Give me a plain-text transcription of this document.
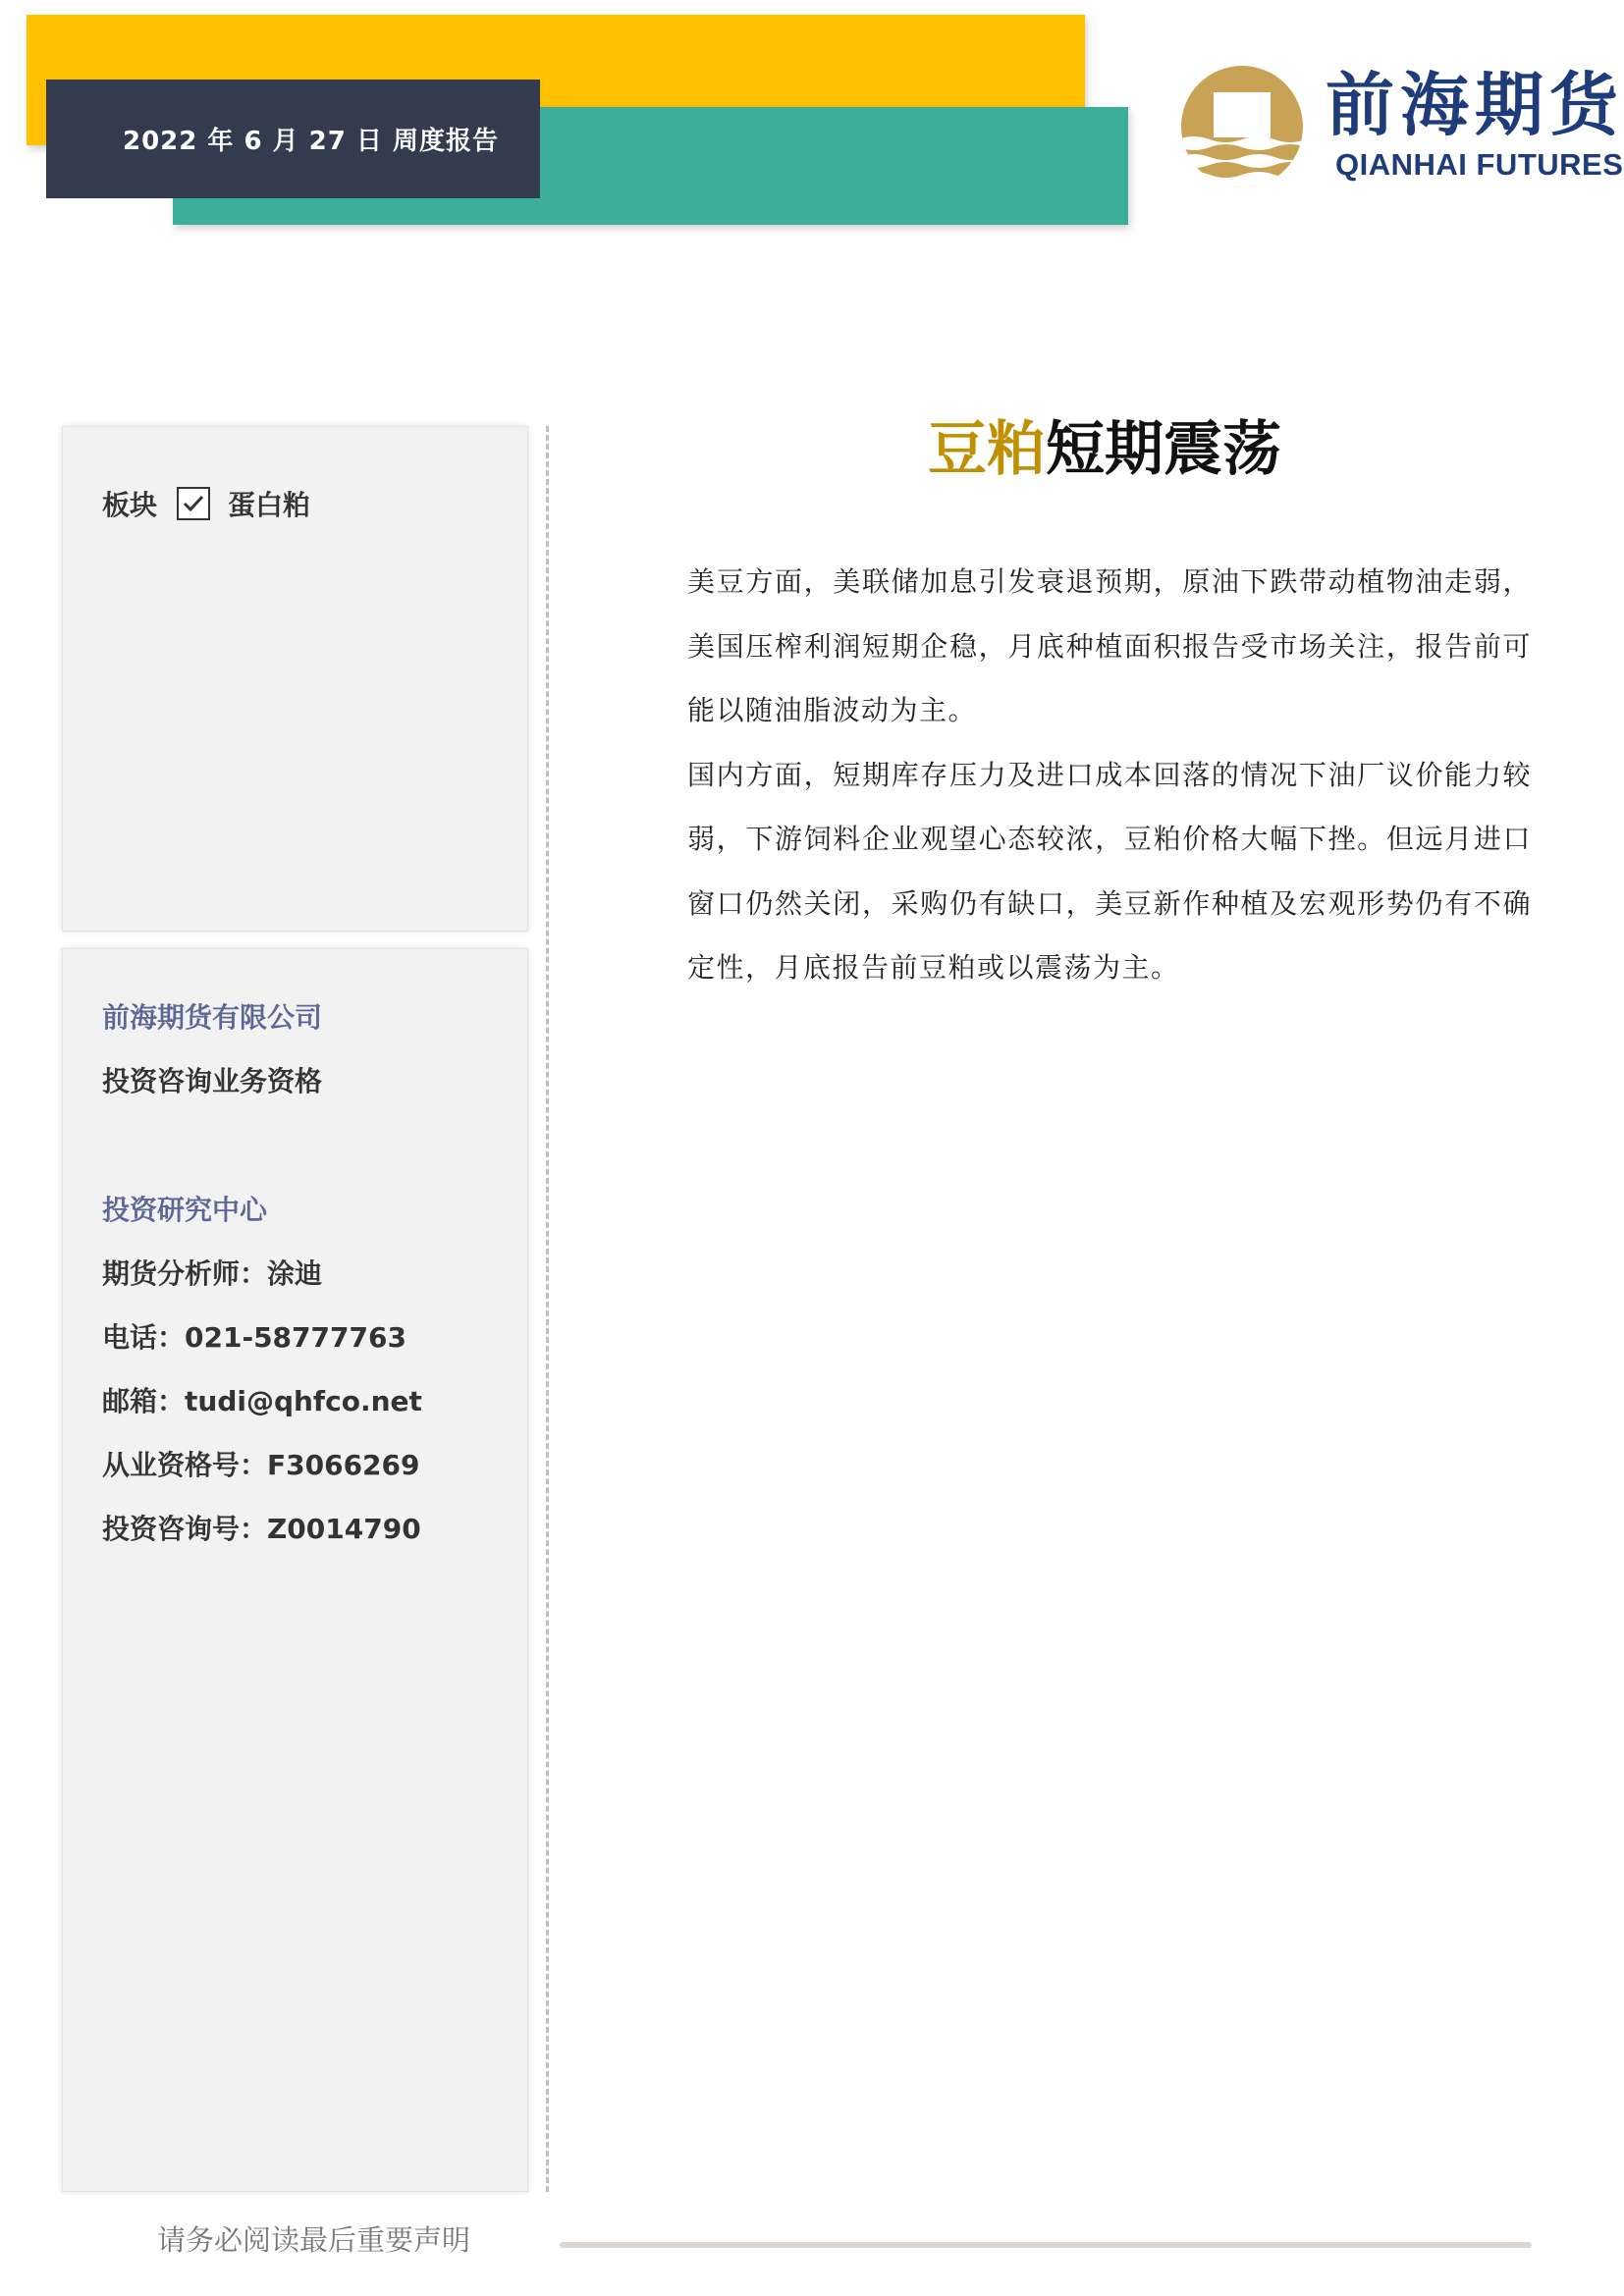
2022 年 6 月 27 日 周度报告	前海期货
QIANHAI FUTURES
板块	蛋白粕
前海期货有限公司
投资咨询业务资格
投资研究中心
期货分析师：涂迪
电话：021-58777763
邮箱：tudi@qhfco.net
从业资格号：F3066269
投资咨询号：Z0014790
豆粕短期震荡

美豆方面，美联储加息引发衰退预期，原油下跌带动植物油走弱，美国压榨利润短期企稳，月底种植面积报告受市场关注，报告前可能以随油脂波动为主。

国内方面，短期库存压力及进口成本回落的情况下油厂议价能力较弱，下游饲料企业观望心态较浓，豆粕价格大幅下挫。但远月进口窗口仍然关闭，采购仍有缺口，美豆新作种植及宏观形势仍有不确定性，月底报告前豆粕或以震荡为主。

请务必阅读最后重要声明
